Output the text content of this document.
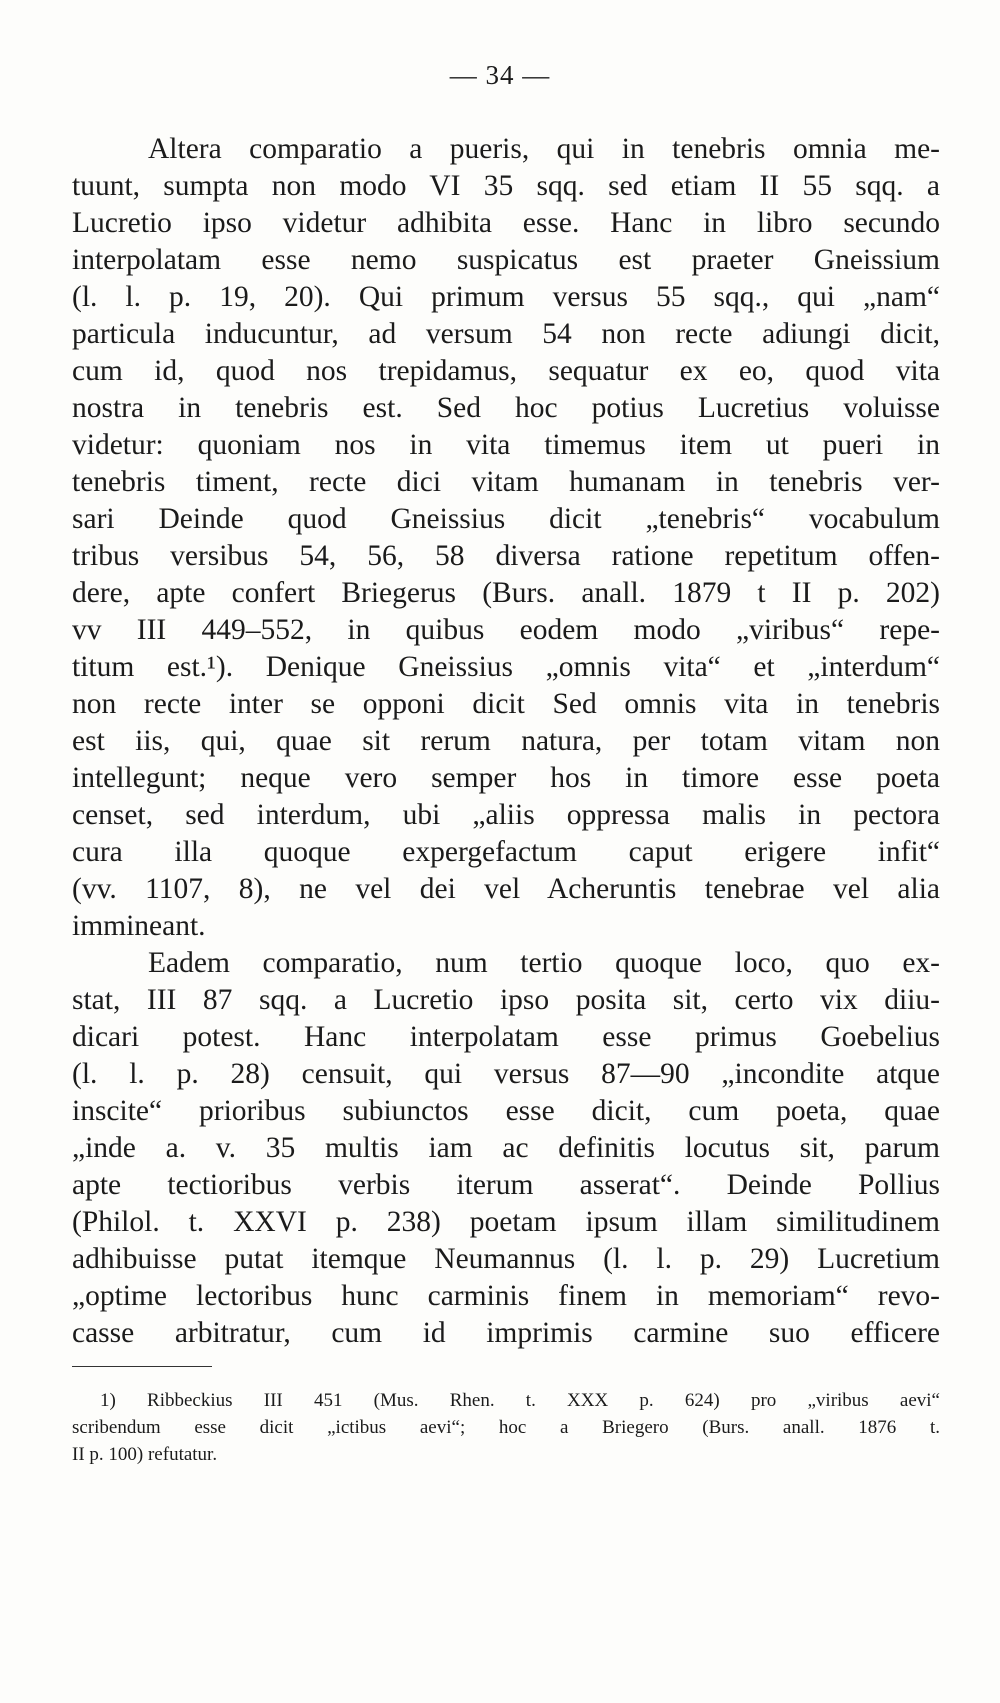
— 34 —
Altera comparatio a pueris, qui in tenebris omnia me-
tuunt, sumpta non modo VI 35 sqq. sed etiam II 55 sqq. a
Lucretio ipso videtur adhibita esse. Hanc in libro secundo
interpolatam esse nemo suspicatus est praeter Gneissium
(l. l. p. 19, 20). Qui primum versus 55 sqq., qui „nam“
particula inducuntur, ad versum 54 non recte adiungi dicit,
cum id, quod nos trepidamus, sequatur ex eo, quod vita
nostra in tenebris est. Sed hoc potius Lucretius voluisse
videtur: quoniam nos in vita timemus item ut pueri in
tenebris timent, recte dici vitam humanam in tenebris ver-
sari Deinde quod Gneissius dicit „tenebris“ vocabulum
tribus versibus 54, 56, 58 diversa ratione repetitum offen-
dere, apte confert Briegerus (Burs. anall. 1879 t II p. 202)
vv III 449–552, in quibus eodem modo „viribus“ repe-
titum est.¹). Denique Gneissius „omnis vita“ et „interdum“
non recte inter se opponi dicit Sed omnis vita in tenebris
est iis, qui, quae sit rerum natura, per totam vitam non
intellegunt; neque vero semper hos in timore esse poeta
censet, sed interdum, ubi „aliis oppressa malis in pectora
cura illa quoque expergefactum caput erigere infit“
(vv. 1107, 8), ne vel dei vel Acheruntis tenebrae vel alia
immineant.
Eadem comparatio, num tertio quoque loco, quo ex-
stat, III 87 sqq. a Lucretio ipso posita sit, certo vix diiu-
dicari potest. Hanc interpolatam esse primus Goebelius
(l. l. p. 28) censuit, qui versus 87—90 „incondite atque
inscite“ prioribus subiunctos esse dicit, cum poeta, quae
„inde a. v. 35 multis iam ac definitis locutus sit, parum
apte tectioribus verbis iterum asserat“. Deinde Pollius
(Philol. t. XXVI p. 238) poetam ipsum illam similitudinem
adhibuisse putat itemque Neumannus (l. l. p. 29) Lucretium
„optime lectoribus hunc carminis finem in memoriam“ revo-
casse arbitratur, cum id imprimis carmine suo efficere
1) Ribbeckius III 451 (Mus. Rhen. t. XXX p. 624) pro „viribus aevi“
scribendum esse dicit „ictibus aevi“; hoc a Briegero (Burs. anall. 1876 t.
II p. 100) refutatur.
